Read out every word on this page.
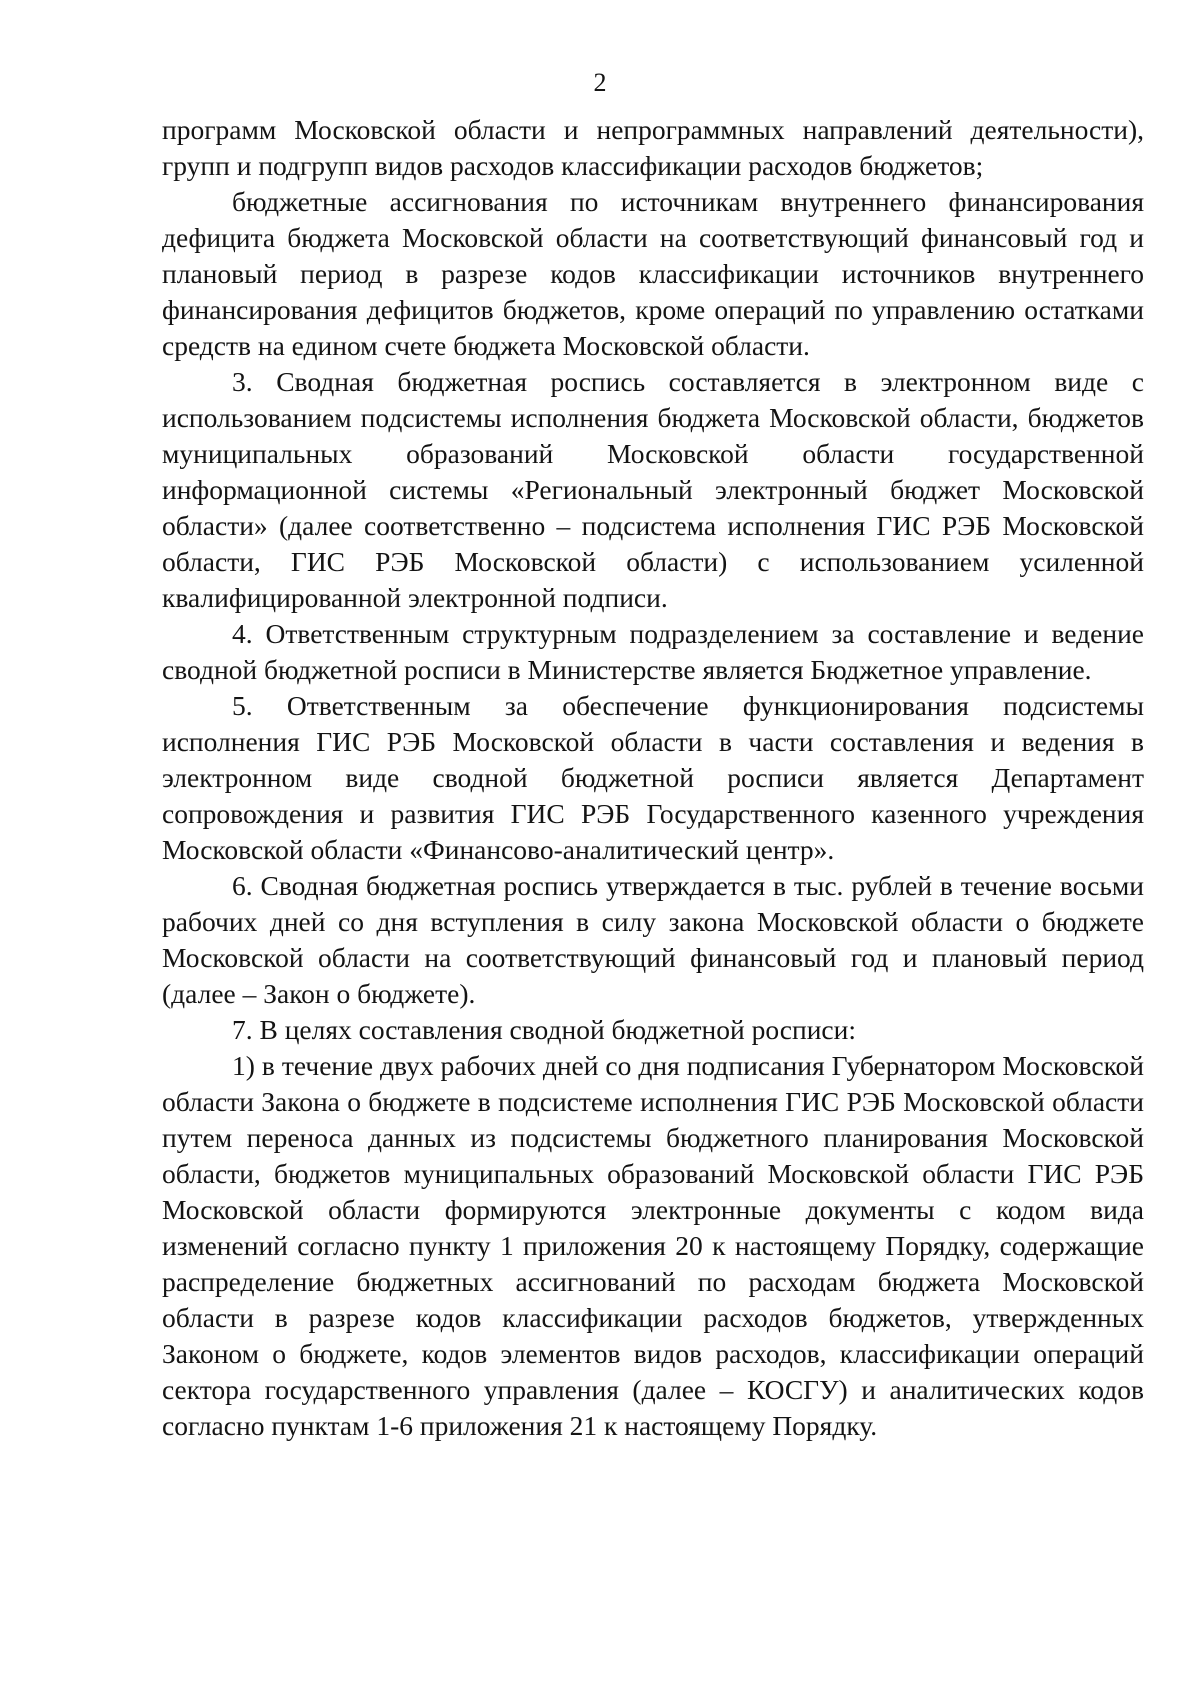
2

программ Московской области и непрограммных направлений деятельности), групп и подгрупп видов расходов классификации расходов бюджетов;

бюджетные ассигнования по источникам внутреннего финансирования дефицита бюджета Московской области на соответствующий финансовый год и плановый период в разрезе кодов классификации источников внутреннего финансирования дефицитов бюджетов, кроме операций по управлению остатками средств на едином счете бюджета Московской области.

3. Сводная бюджетная роспись составляется в электронном виде с использованием подсистемы исполнения бюджета Московской области, бюджетов муниципальных образований Московской области государственной информационной системы «Региональный электронный бюджет Московской области» (далее соответственно – подсистема исполнения ГИС РЭБ Московской области, ГИС РЭБ Московской области) с использованием усиленной квалифицированной электронной подписи.

4. Ответственным структурным подразделением за составление и ведение сводной бюджетной росписи в Министерстве является Бюджетное управление.

5. Ответственным за обеспечение функционирования подсистемы исполнения ГИС РЭБ Московской области в части составления и ведения в электронном виде сводной бюджетной росписи является Департамент сопровождения и развития ГИС РЭБ Государственного казенного учреждения Московской области «Финансово-аналитический центр».

6. Сводная бюджетная роспись утверждается в тыс. рублей в течение восьми рабочих дней со дня вступления в силу закона Московской области о бюджете Московской области на соответствующий финансовый год и плановый период (далее – Закон о бюджете).

7. В целях составления сводной бюджетной росписи:

1) в течение двух рабочих дней со дня подписания Губернатором Московской области Закона о бюджете в подсистеме исполнения ГИС РЭБ Московской области путем переноса данных из подсистемы бюджетного планирования Московской области, бюджетов муниципальных образований Московской области ГИС РЭБ Московской области формируются электронные документы с кодом вида изменений согласно пункту 1 приложения 20 к настоящему Порядку, содержащие распределение бюджетных ассигнований по расходам бюджета Московской области в разрезе кодов классификации расходов бюджетов, утвержденных Законом о бюджете, кодов элементов видов расходов, классификации операций сектора государственного управления (далее – КОСГУ) и аналитических кодов согласно пунктам 1-6 приложения 21 к настоящему Порядку.
